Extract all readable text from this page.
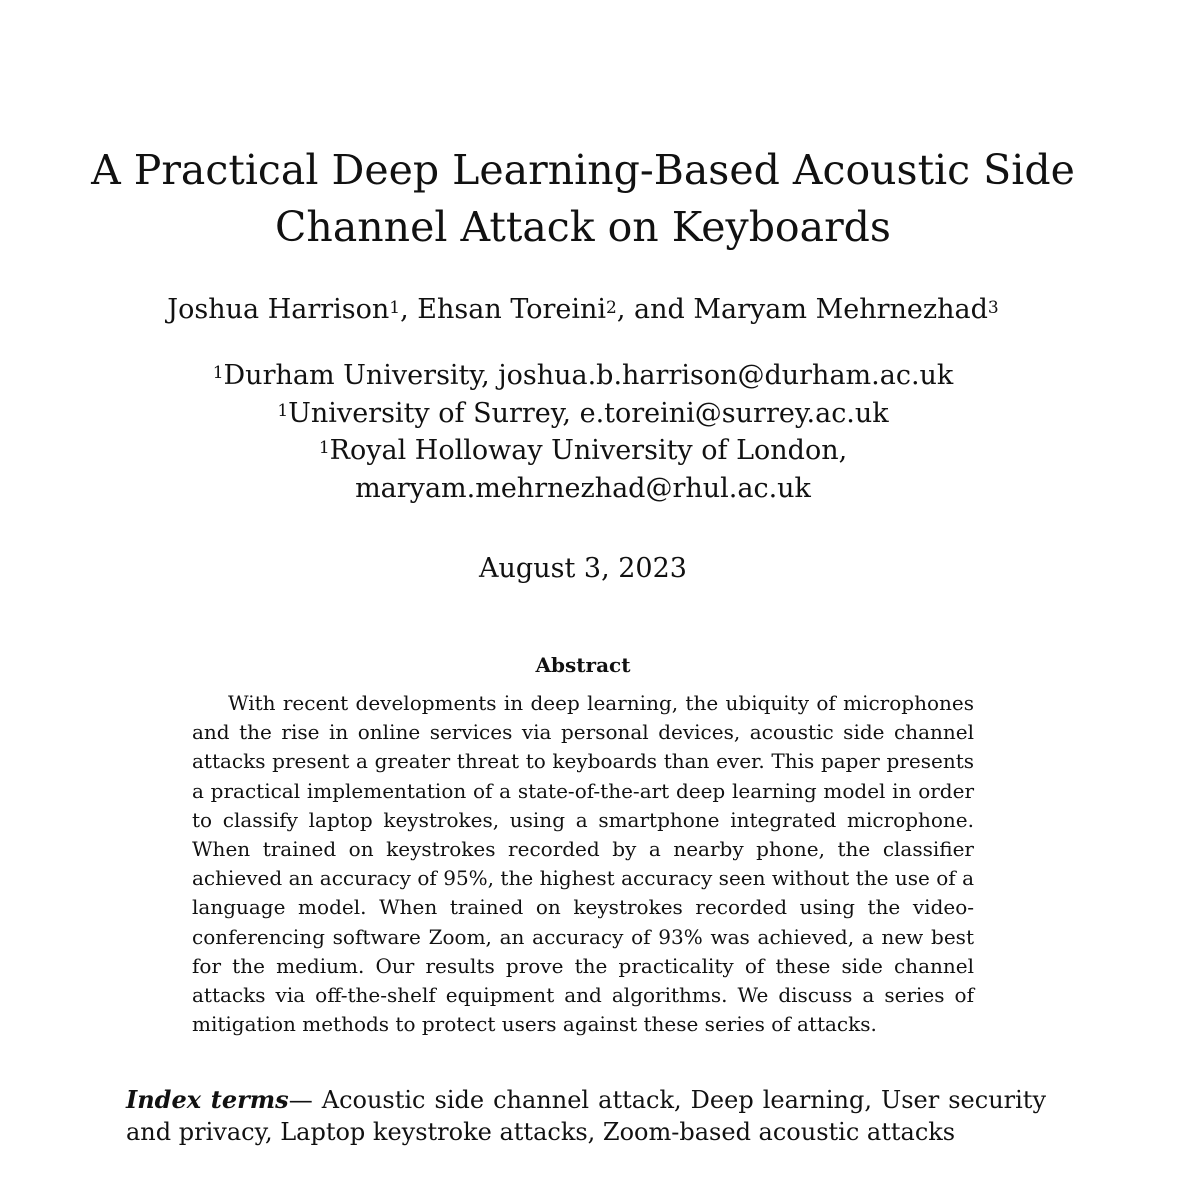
A Practical Deep Learning-Based Acoustic Side Channel Attack on Keyboards
Joshua Harrison$^1$, Ehsan Toreini$^2$, and Maryam Mehrnezhad$^3$
$^1$Durham University, joshua.b.harrison@durham.ac.uk
$^1$University of Surrey, e.toreini@surrey.ac.uk
$^1$Royal Holloway University of London,
maryam.mehrnezhad@rhul.ac.uk
August 3, 2023
Abstract

With recent developments in deep learning, the ubiquity of microphones and the rise in online services via personal devices, acoustic side channel attacks present a greater threat to keyboards than ever. This paper presents a practical implementation of a state-of-the-art deep learning model in order to classify laptop keystrokes, using a smartphone integrated microphone. When trained on keystrokes recorded by a nearby phone, the classifier achieved an accuracy of 95%, the highest accuracy seen without the use of a language model. When trained on keystrokes recorded using the video-conferencing software Zoom, an accuracy of 93% was achieved, a new best for the medium. Our results prove the practicality of these side channel attacks via off-the-shelf equipment and algorithms. We discuss a series of mitigation methods to protect users against these series of attacks.

Index terms— Acoustic side channel attack, Deep learning, User security and privacy, Laptop keystroke attacks, Zoom-based acoustic attacks
